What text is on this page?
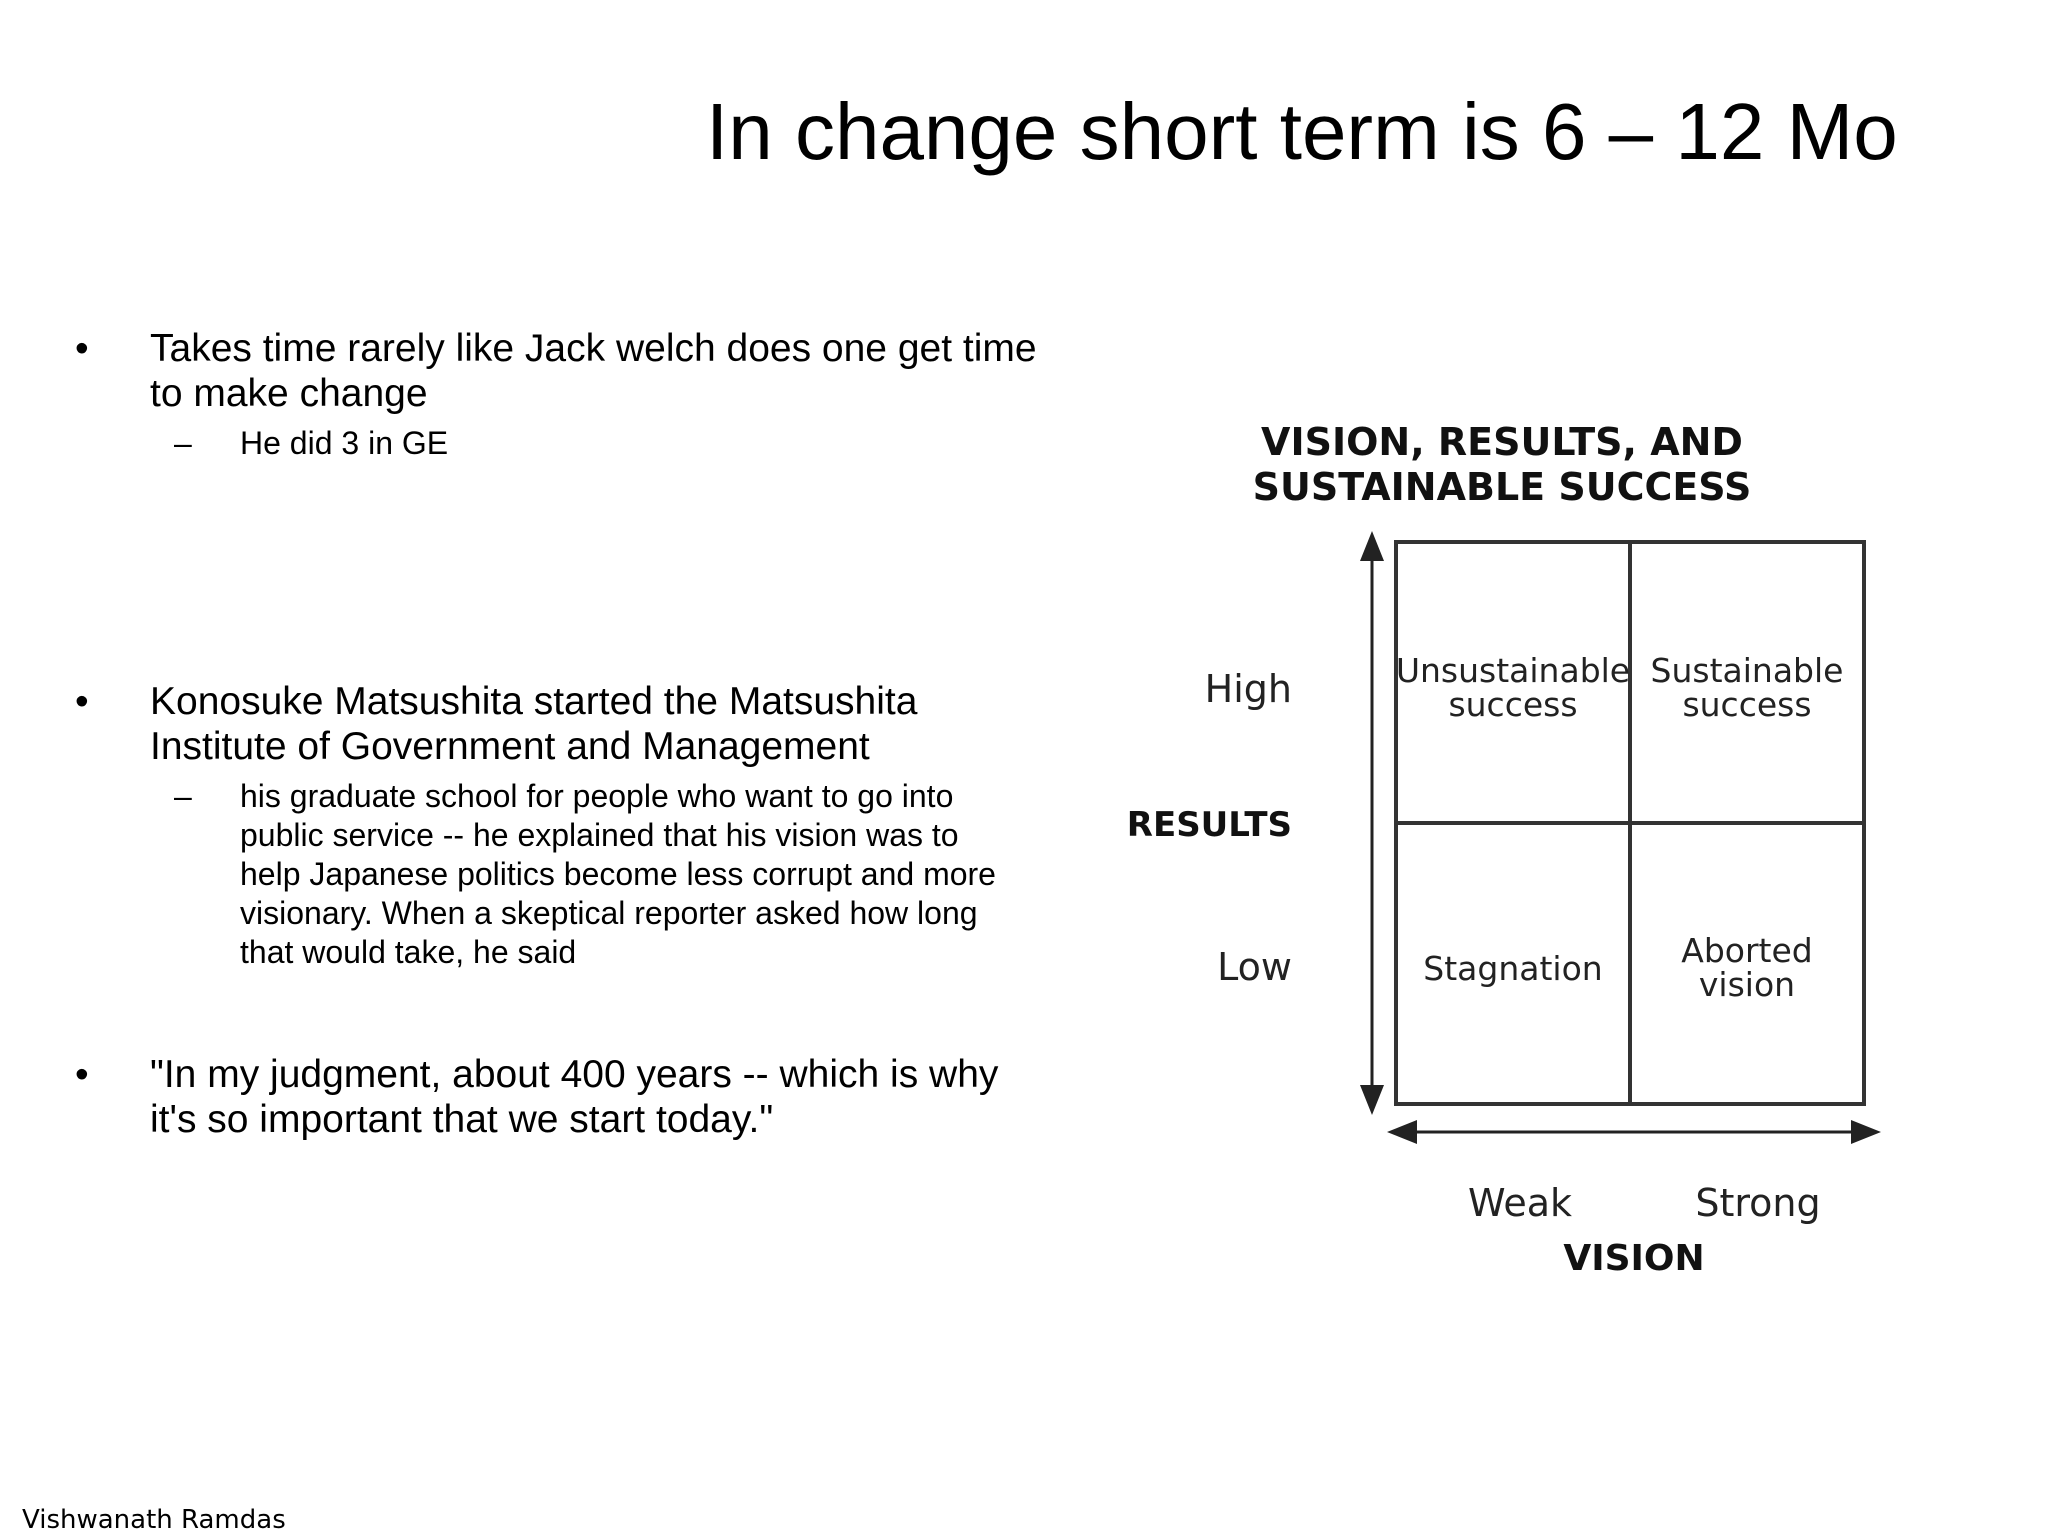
In change short term is 6 – 12 Mo
• Takes time rarely like Jack welch does one get time to make change
– He did 3 in GE
• Konosuke Matsushita started the Matsushita Institute of Government and Management
– his graduate school for people who want to go into public service -- he explained that his vision was to help Japanese politics become less corrupt and more visionary. When a skeptical reporter asked how long that would take, he said
• "In my judgment, about 400 years -- which is why it's so important that we start today."
VISION, RESULTS, AND
SUSTAINABLE SUCCESS
High
RESULTS
Low
Weak	Strong
VISION
Unsustainable
success
Sustainable
success
Stagnation Aborted
vision
Vishwanath Ramdas
